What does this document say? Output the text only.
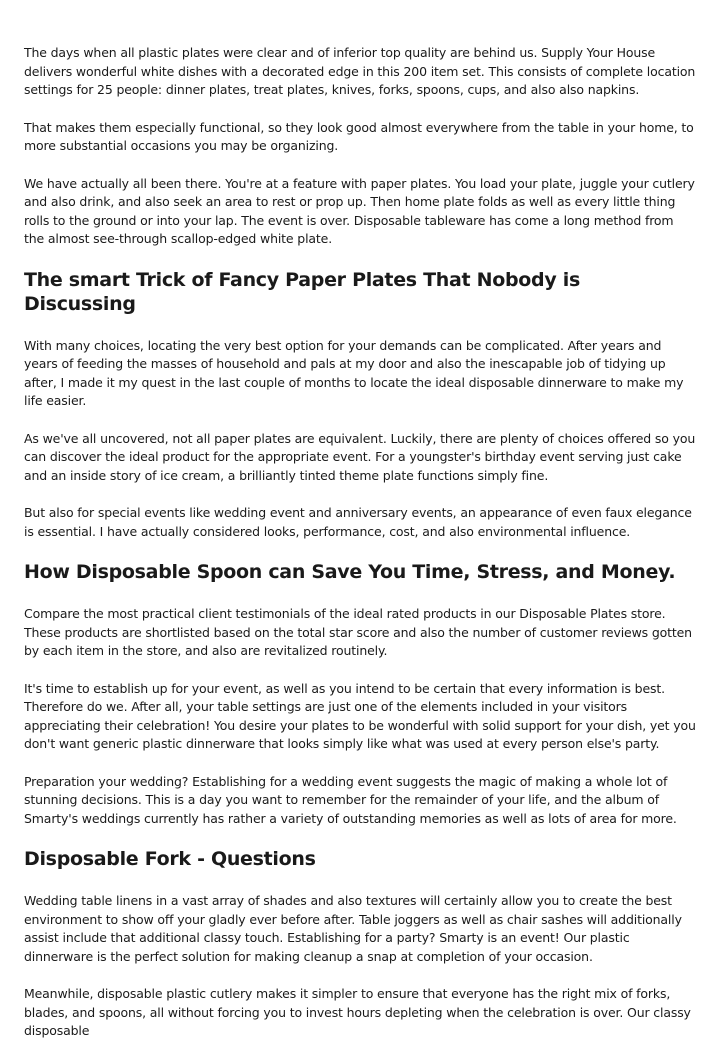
The days when all plastic plates were clear and of inferior top quality are behind us. Supply Your House delivers wonderful white dishes with a decorated edge in this 200 item set. This consists of complete location settings for 25 people: dinner plates, treat plates, knives, forks, spoons, cups, and also also napkins.

That makes them especially functional, so they look good almost everywhere from the table in your home, to more substantial occasions you may be organizing.

We have actually all been there. You're at a feature with paper plates. You load your plate, juggle your cutlery and also drink, and also seek an area to rest or prop up. Then home plate folds as well as every little thing rolls to the ground or into your lap. The event is over. Disposable tableware has come a long method from the almost see-through scallop-edged white plate.

The smart Trick of Fancy Paper Plates That Nobody is Discussing

With many choices, locating the very best option for your demands can be complicated. After years and years of feeding the masses of household and pals at my door and also the inescapable job of tidying up after, I made it my quest in the last couple of months to locate the ideal disposable dinnerware to make my life easier.

As we've all uncovered, not all paper plates are equivalent. Luckily, there are plenty of choices offered so you can discover the ideal product for the appropriate event. For a youngster's birthday event serving just cake and an inside story of ice cream, a brilliantly tinted theme plate functions simply fine.

But also for special events like wedding event and anniversary events, an appearance of even faux elegance is essential. I have actually considered looks, performance, cost, and also environmental influence.

How Disposable Spoon can Save You Time, Stress, and Money.

Compare the most practical client testimonials of the ideal rated products in our Disposable Plates store. These products are shortlisted based on the total star score and also the number of customer reviews gotten by each item in the store, and also are revitalized routinely.

It's time to establish up for your event, as well as you intend to be certain that every information is best. Therefore do we. After all, your table settings are just one of the elements included in your visitors appreciating their celebration! You desire your plates to be wonderful with solid support for your dish, yet you don't want generic plastic dinnerware that looks simply like what was used at every person else's party.

Preparation your wedding? Establishing for a wedding event suggests the magic of making a whole lot of stunning decisions. This is a day you want to remember for the remainder of your life, and the album of Smarty's weddings currently has rather a variety of outstanding memories as well as lots of area for more.

Disposable Fork - Questions

Wedding table linens in a vast array of shades and also textures will certainly allow you to create the best environment to show off your gladly ever before after. Table joggers as well as chair sashes will additionally assist include that additional classy touch. Establishing for a party? Smarty is an event! Our plastic dinnerware is the perfect solution for making cleanup a snap at completion of your occasion.

Meanwhile, disposable plastic cutlery makes it simpler to ensure that everyone has the right mix of forks, blades, and spoons, all without forcing you to invest hours depleting when the celebration is over. Our classy disposable
